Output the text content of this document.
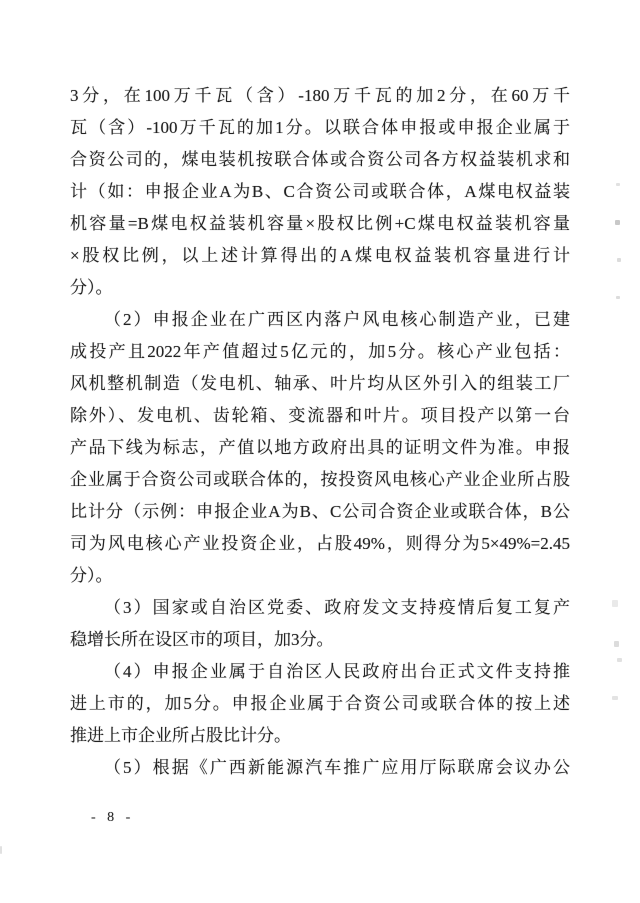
3分，在100万千瓦（含）-180万千瓦的加2分，在60万千
瓦（含）-100万千瓦的加1分。以联合体申报或申报企业属于
合资公司的，煤电装机按联合体或合资公司各方权益装机求和
计（如：申报企业A为B、C合资公司或联合体，A煤电权益装
机容量=B煤电权益装机容量×股权比例+C煤电权益装机容量
×股权比例，以上述计算得出的A煤电权益装机容量进行计
分）。
（2）申报企业在广西区内落户风电核心制造产业，已建
成投产且2022年产值超过5亿元的，加5分。核心产业包括：
风机整机制造（发电机、轴承、叶片均从区外引入的组装工厂
除外）、发电机、齿轮箱、变流器和叶片。项目投产以第一台
产品下线为标志，产值以地方政府出具的证明文件为准。申报
企业属于合资公司或联合体的，按投资风电核心产业企业所占股
比计分（示例：申报企业A为B、C公司合资企业或联合体，B公
司为风电核心产业投资企业，占股49%，则得分为5×49%=2.45
分）。
（3）国家或自治区党委、政府发文支持疫情后复工复产
稳增长所在设区市的项目，加3分。
（4）申报企业属于自治区人民政府出台正式文件支持推
进上市的，加5分。申报企业属于合资公司或联合体的按上述
推进上市企业所占股比计分。
（5）根据《广西新能源汽车推广应用厅际联席会议办公
- 8 -
